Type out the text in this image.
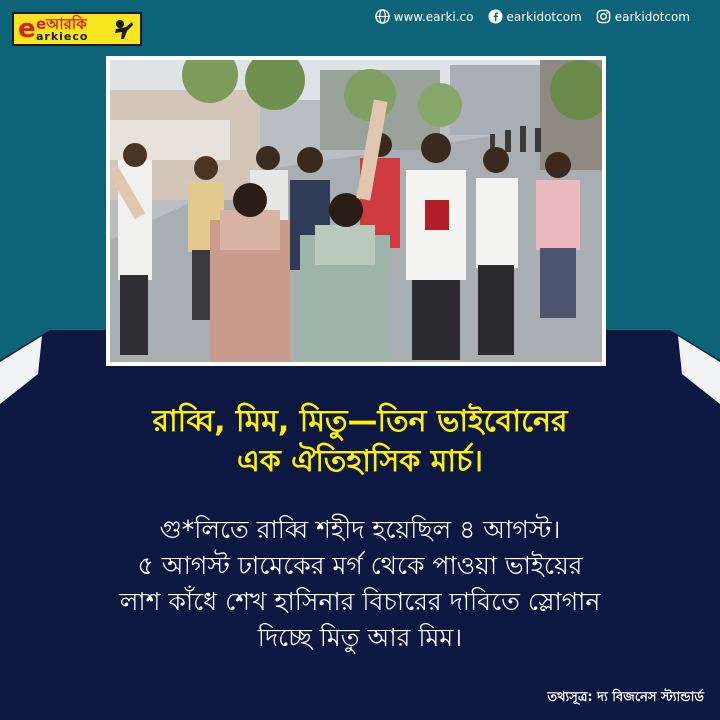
e eআরকি
arkieco
www.earki.co	earkidotcom	earkidotcom
রাব্বি, মিম, মিতু—তিন ভাইবোনের
এক ঐতিহাসিক মার্চ।
গু*লিতে রাব্বি শহীদ হয়েছিল ৪ আগস্ট।
৫ আগস্ট ঢামেকের মর্গ থেকে পাওয়া ভাইয়ের
লাশ কাঁধে শেখ হাসিনার বিচারের দাবিতে স্লোগান
দিচ্ছে মিতু আর মিম।
তথ্যসূত্র: দ্য বিজনেস স্ট্যান্ডার্ড
